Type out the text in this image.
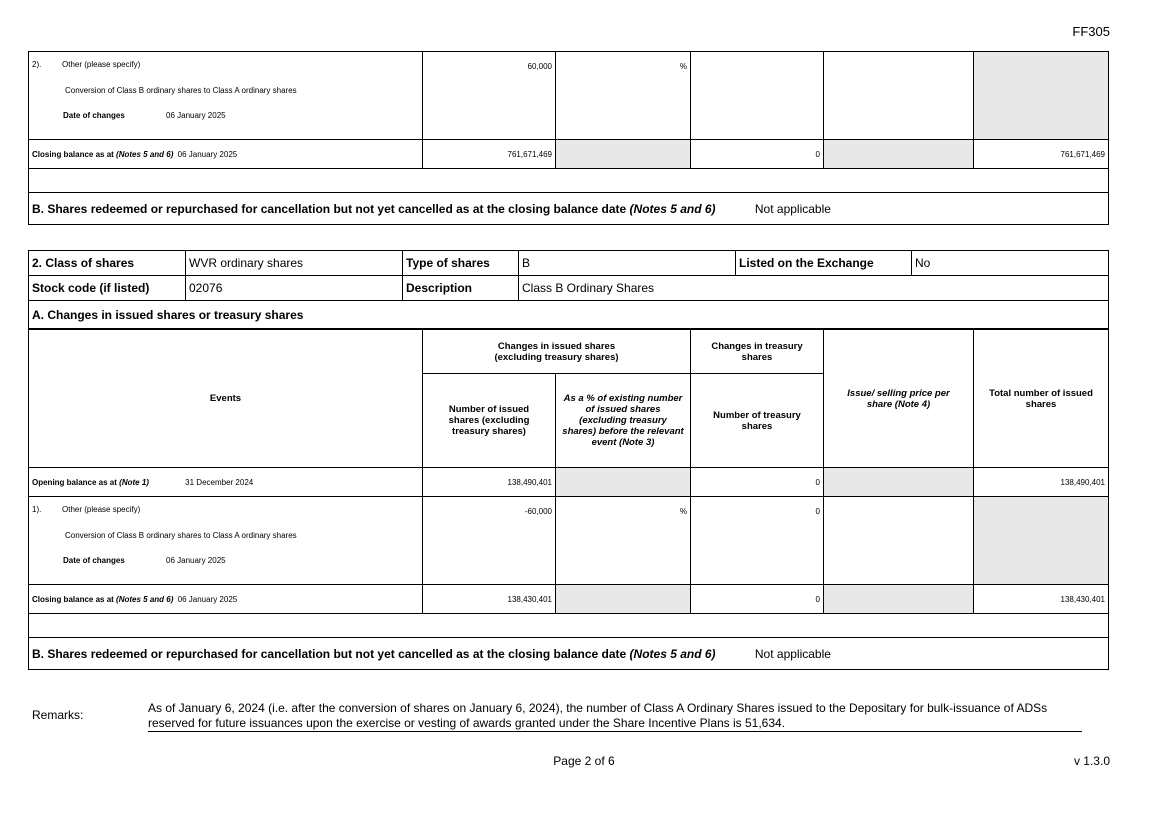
FF305
2). Other (please specify)
Conversion of Class B ordinary shares to Class A ordinary shares
Date of changes 06 January 2025	60,000	%			
Closing balance as at (Notes 5 and 6) 06 January 2025	761,671,469		0		761,671,469

B. Shares redeemed or repurchased for cancellation but not yet cancelled as at the closing balance date (Notes 5 and 6) Not applicable					
2. Class of shares	WVR ordinary shares	Type of shares	B	Listed on the Exchange	No
Stock code (if listed)	02076	Description	Class B Ordinary Shares		
A. Changes in issued shares or treasury shares					
Events	Changes in issued shares (excluding treasury shares)		Changes in treasury shares	Issue/ selling price per share (Note 4)	Total number of issued shares
	Number of issued shares (excluding treasury shares)	As a % of existing number of issued shares (excluding treasury shares) before the relevant event (Note 3)	Number of treasury shares		
Opening balance as at (Note 1) 31 December 2024	138,490,401		0		138,490,401

1). Other (please specify)
Conversion of Class B ordinary shares to Class A ordinary shares
Date of changes 06 January 2025	-60,000	%	0		
Closing balance as at (Notes 5 and 6) 06 January 2025	138,430,401		0		138,430,401

B. Shares redeemed or repurchased for cancellation but not yet cancelled as at the closing balance date (Notes 5 and 6) Not applicable					
Remarks:	As of January 6, 2024 (i.e. after the conversion of shares on January 6, 2024), the number of Class A Ordinary Shares issued to the Depositary for bulk-issuance of ADSs reserved for future issuances upon the exercise or vesting of awards granted under the Share Incentive Plans is 51,634.
Page 2 of 6	v 1.3.0
